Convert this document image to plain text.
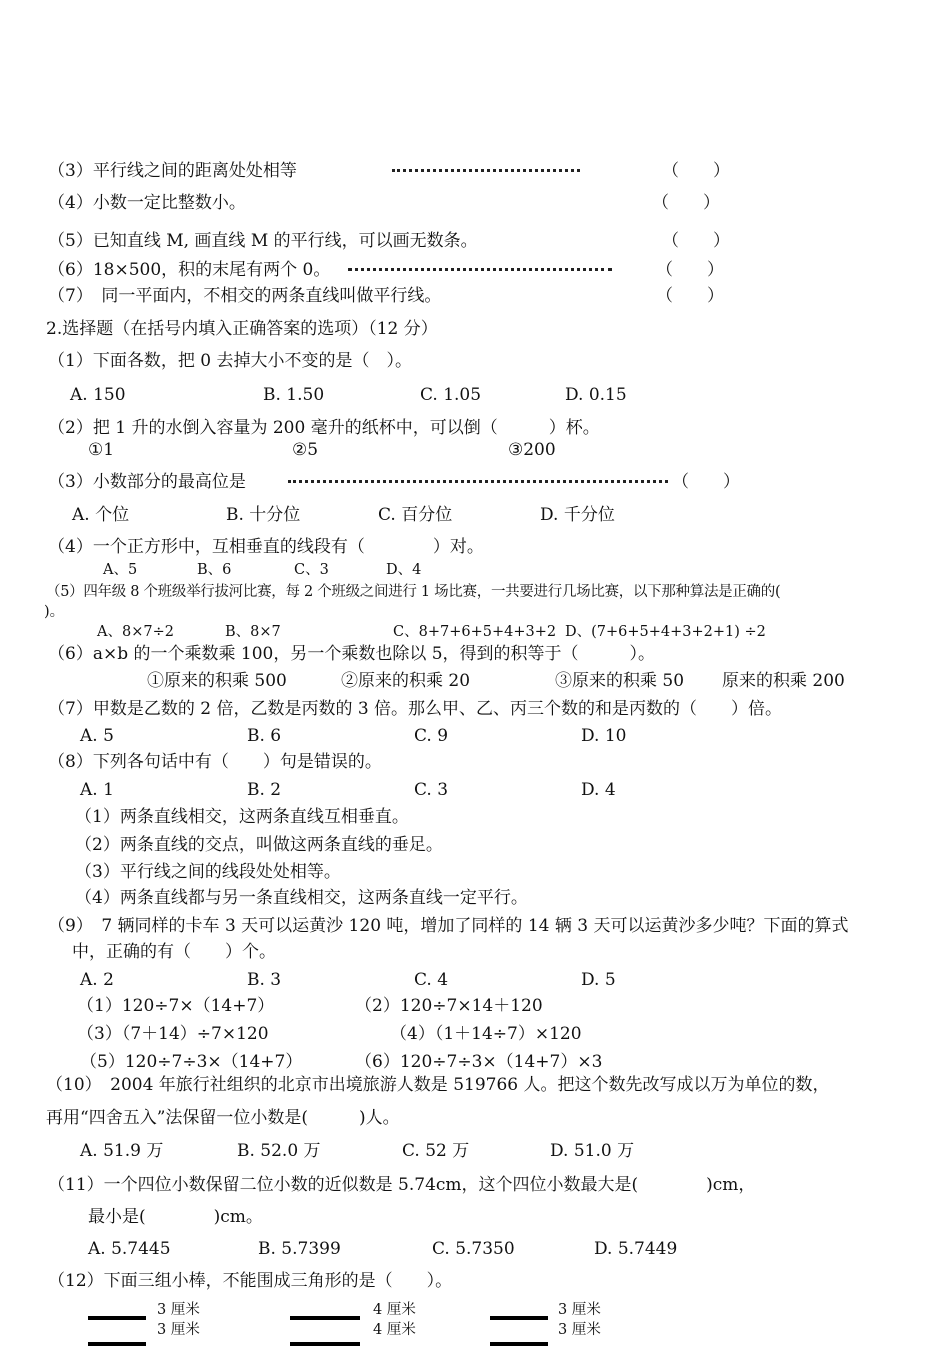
（3）平行线之间的距离处处相等	（　　）
（4）小数一定比整数小。	（　　）
（5）已知直线 M, 画直线 M 的平行线，可以画无数条。	（　　）
（6）18×500，积的末尾有两个 0。	（　　）
（7）　同一平面内，不相交的两条直线叫做平行线。	（　　）
2.选择题（在括号内填入正确答案的选项）（12 分）
（1）下面各数，把 0 去掉大小不变的是（　）。
A. 150	B. 1.50	C. 1.05	D. 0.15
（2）把 1 升的水倒入容量为 200 毫升的纸杯中，可以倒（　　　）杯。
①1	②5	③200
（3）小数部分的最高位是	（　　）
A. 个位	B. 十分位	C. 百分位	D. 千分位
（4）一个正方形中，互相垂直的线段有（　　　　）对。
A、5	B、6	C、3	D、4
（5）四年级 8 个班级举行拔河比赛，每 2 个班级之间进行 1 场比赛，一共要进行几场比赛，以下那种算法是正确的(
)。
A、8×7÷2	B、8×7	C、8+7+6+5+4+3+2 D、(7+6+5+4+3+2+1) ÷2
（6）a×b 的一个乘数乘 100，另一个乘数也除以 5，得到的积等于（　　　）。
①原来的积乘 500	②原来的积乘 20	③原来的积乘 50 原来的积乘 200
（7）甲数是乙数的 2 倍，乙数是丙数的 3 倍。那么甲、乙、丙三个数的和是丙数的（　　）倍。
A. 5	B. 6	C. 9	D. 10
（8）下列各句话中有（　　）句是错误的。
A. 1	B. 2	C. 3	D. 4
（1）两条直线相交，这两条直线互相垂直。
（2）两条直线的交点，叫做这两条直线的垂足。
（3）平行线之间的线段处处相等。
（4）两条直线都与另一条直线相交，这两条直线一定平行。
（9）　7 辆同样的卡车 3 天可以运黄沙 120 吨，增加了同样的 14 辆 3 天可以运黄沙多少吨？下面的算式
中，正确的有（　　）个。
A. 2	B. 3	C. 4	D. 5
（1）120÷7×（14+7）	（2）120÷7×14＋120
（3）（7＋14）÷7×120	（4）（1＋14÷7）×120
（5）120÷7÷3×（14+7）	（6）120÷7÷3×（14+7）×3
（10）　2004 年旅行社组织的北京市出境旅游人数是 519766 人。把这个数先改写成以万为单位的数，
再用“四舍五入”法保留一位小数是(　　　)人。
A. 51.9 万	B. 52.0 万	C. 52 万	D. 51.0 万
（11）一个四位小数保留二位小数的近似数是 5.74cm，这个四位小数最大是(　　　　)cm，
最小是(　　　　)cm。
A. 5.7445	B. 5.7399	C. 5.7350	D. 5.7449
（12）下面三组小棒，不能围成三角形的是（　　）。
3 厘米
3 厘米
4 厘米
4 厘米
3 厘米
3 厘米
